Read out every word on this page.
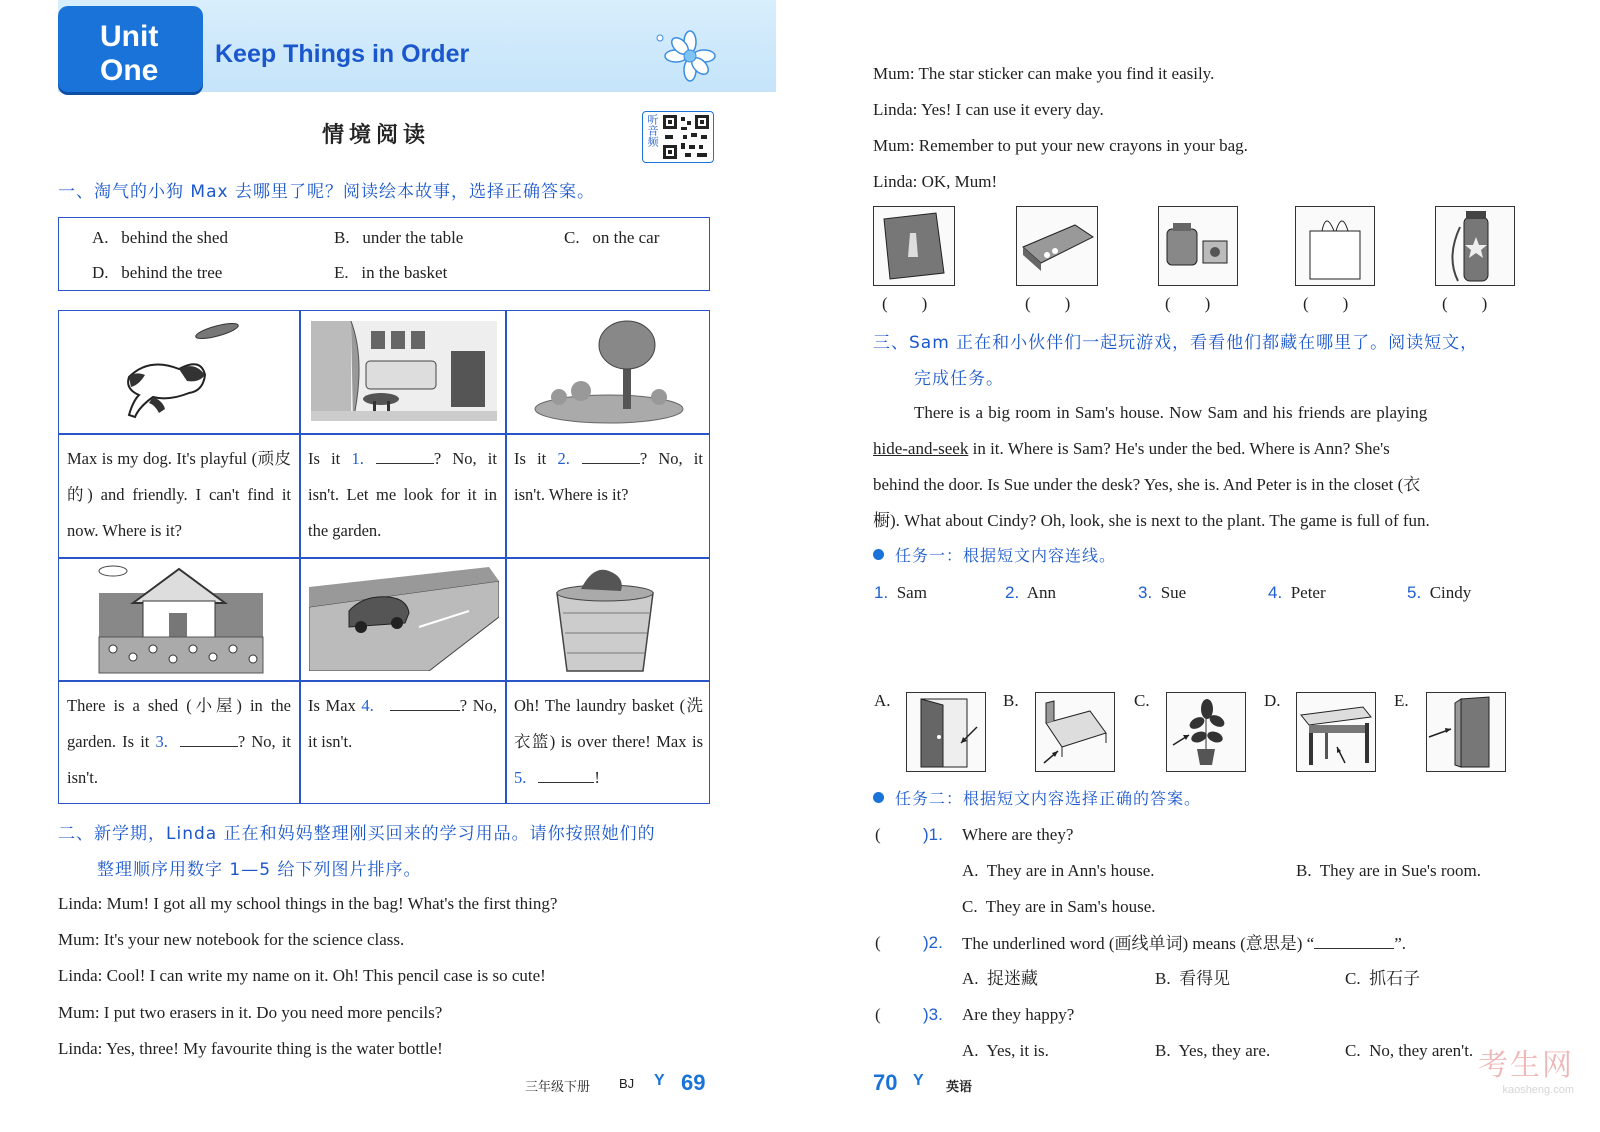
Unit
One Keep Things in Order
情境阅读	听音频
一、淘气的小狗 Max 去哪里了呢？阅读绘本故事，选择正确答案。
A. behind the shed	B. under the table	C. on the car
D. behind the tree	E. in the basket
Max is my dog. It's playful (顽皮的) and friendly. I can't find it now. Where is it?
Is it 1.	? No, it isn't. Let me look for it in the garden.
Is it 2.	? No, it isn't. Where is it?
There is a shed (小屋) in the garden. Is it 3.	? No, it isn't.
Is Max 4.	? No, it isn't.
Oh! The laundry basket (洗衣篮) is over there! Max is 5.	!
二、新学期，Linda 正在和妈妈整理刚买回来的学习用品。请你按照她们的
整理顺序用数字 1—5 给下列图片排序。
Linda: Mum! I got all my school things in the bag! What's the first thing?
Mum: It's your new notebook for the science class.
Linda: Cool! I can write my name on it. Oh! This pencil case is so cute!
Mum: I put two erasers in it. Do you need more pencils?
Linda: Yes, three! My favourite thing is the water bottle!
三年级下册 BJ Y 69
Mum: The star sticker can make you find it easily.
Linda: Yes! I can use it every day.
Mum: Remember to put your new crayons in your bag.
Linda: OK, Mum!
(        )	(        )	(        )	(        )	(        )
三、Sam 正在和小伙伴们一起玩游戏，看看他们都藏在哪里了。阅读短文，
完成任务。
There is a big room in Sam's house. Now Sam and his friends are playing
hide-and-seek in it. Where is Sam? He's under the bed. Where is Ann? She's
behind the door. Is Sue under the desk? Yes, she is. And Peter is in the closet (衣
橱). What about Cindy? Oh, look, she is next to the plant. The game is full of fun.
任务一：根据短文内容连线。
1. Sam	2. Ann	3. Sue	4. Peter	5. Cindy
A.	B.	C.	D.	E.
任务二：根据短文内容选择正确的答案。
( )1. Where are they?
A.  They are in Ann's house.	B.  They are in Sue's room.
C.  They are in Sam's house.
( )2. The underlined word (画线单词) means (意思是) “	”.
A.  捉迷藏	B.  看得见	C.  抓石子
( )3. Are they happy?
A.  Yes, it is.	B.  Yes, they are.	C.  No, they aren't.
70 Y 英语
考生网
kaosheng.com
